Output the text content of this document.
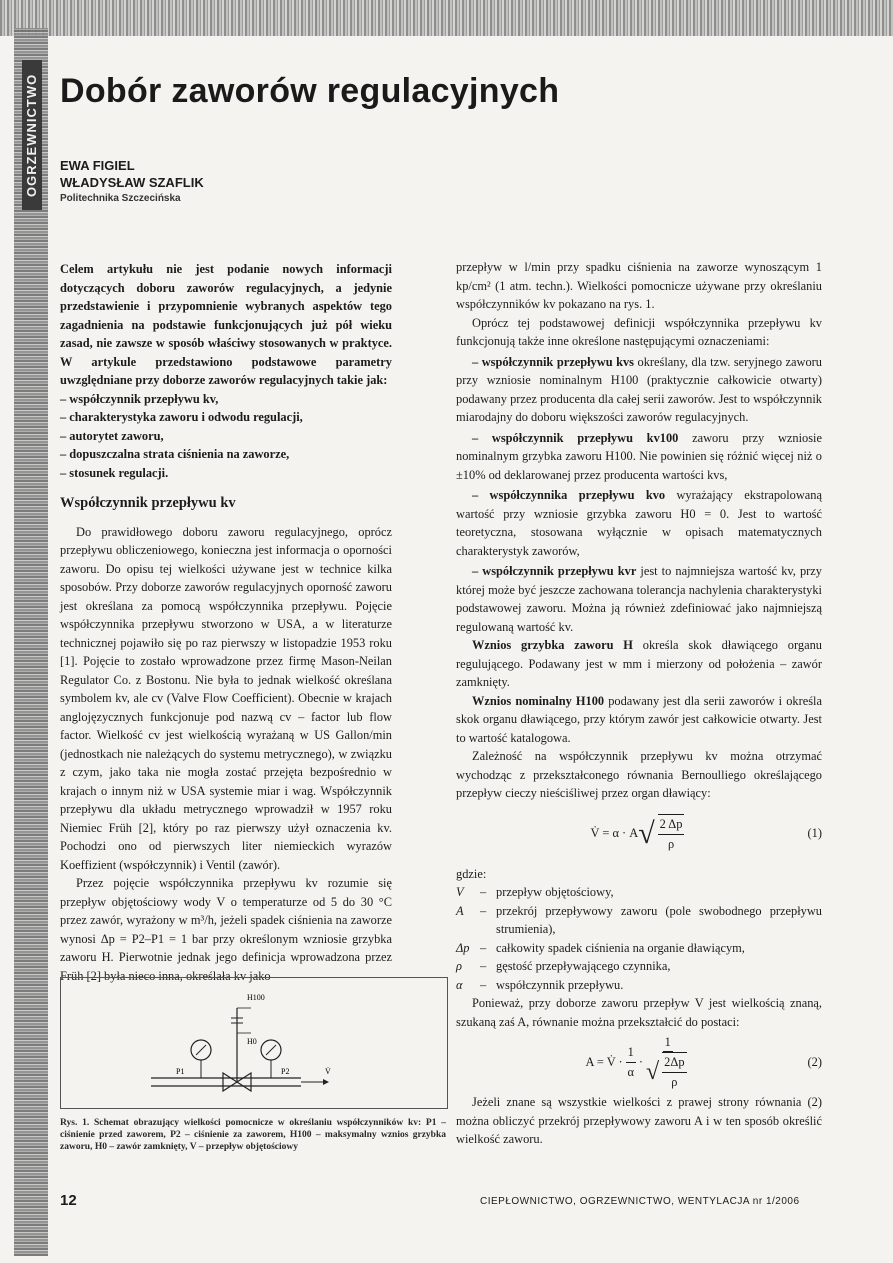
OGRZEWNICTWO Dobór zaworów regulacyjnych
EWA FIGIEL
WŁADYSŁAW SZAFLIK
Politechnika Szczecińska

Celem artykułu nie jest podanie nowych informacji dotyczących doboru zaworów regulacyjnych, a jedynie przedstawienie i przypomnienie wybranych aspektów tego zagadnienia na podstawie funkcjonujących już pół wieku zasad, nie zawsze w sposób właściwy stosowanych w praktyce. W artykule przedstawiono podstawowe parametry uwzględniane przy doborze zaworów regulacyjnych takie jak:

– współczynnik przepływu kv,
– charakterystyka zaworu i odwodu regulacji,
– autorytet zaworu,
– dopuszczalna strata ciśnienia na zaworze,
– stosunek regulacji.
Współczynnik przepływu kv

Do prawidłowego doboru zaworu regulacyjnego, oprócz przepływu obliczeniowego, konieczna jest informacja o oporności zaworu. Do opisu tej wielkości używane jest w technice kilka sposobów. Przy doborze zaworów regulacyjnych oporność zaworu jest określana za pomocą współczynnika przepływu. Pojęcie współczynnika przepływu stworzono w USA, a w literaturze technicznej pojawiło się po raz pierwszy w listopadzie 1953 roku [1]. Pojęcie to zostało wprowadzone przez firmę Mason-Neilan Regulator Co. z Bostonu. Nie była to jednak wielkość określana symbolem kv, ale cv (Valve Flow Coefficient). Obecnie w krajach anglojęzycznych funkcjonuje pod nazwą cv – factor lub flow factor. Wielkość cv jest wielkością wyrażaną w US Gallon/min (jednostkach nie należących do systemu metrycznego), w związku z czym, jako taka nie mogła zostać przejęta bezpośrednio w krajach o innym niż w USA systemie miar i wag. Współczynnik przepływu dla układu metrycznego wprowadził w 1957 roku Niemiec Früh [2], który po raz pierwszy użył oznaczenia kv. Pochodzi ono od pierwszych liter niemieckich wyrazów Koeffizient (współczynnik) i Ventil (zawór).

Przez pojęcie współczynnika przepływu kv rozumie się przepływ objętościowy wody V o temperaturze od 5 do 30 °C przez zawór, wyrażony w m³/h, jeżeli spadek ciśnienia na zaworze wynosi Δp = P2–P1 = 1 bar przy określonym wzniosie grzybka zaworu H. Pierwotnie jednak jego definicja wprowadzona przez Früh [2] była nieco inna, określała kv jako

przepływ w l/min przy spadku ciśnienia na zaworze wynoszącym 1 kp/cm² (1 atm. techn.). Wielkości pomocnicze używane przy określaniu współczynników kv pokazano na rys. 1.

Oprócz tej podstawowej definicji współczynnika przepływu kv funkcjonują także inne określone następującymi oznaczeniami:

– współczynnik przepływu kvs określany, dla tzw. seryjnego zaworu przy wzniosie nominalnym H100 (praktycznie całkowicie otwarty) podawany przez producenta dla całej serii zaworów. Jest to współczynnik miarodajny do doboru większości zaworów regulacyjnych.

– współczynnik przepływu kv100 zaworu przy wzniosie nominalnym grzybka zaworu H100. Nie powinien się różnić więcej niż o ±10% od deklarowanej przez producenta wartości kvs,

– współczynnika przepływu kvo wyrażający ekstrapolowaną wartość przy wzniosie grzybka zaworu H0 = 0. Jest to wartość teoretyczna, stosowana wyłącznie w opisach matematycznych charakterystyk zaworów,

– współczynnik przepływu kvr jest to najmniejsza wartość kv, przy której może być jeszcze zachowana tolerancja nachylenia charakterystyki podstawowej zaworu. Można ją również zdefiniować jako najmniejszą regulowaną wartość kv.

Wznios grzybka zaworu H określa skok dławiącego organu regulującego. Podawany jest w mm i mierzony od położenia – zawór zamknięty.

Wznios nominalny H100 podawany jest dla serii zaworów i określa skok organu dławiącego, przy którym zawór jest całkowicie otwarty. Jest to wartość katalogowa.

Zależność na współczynnik przepływu kv można otrzymać wychodząc z przekształconego równania Bernoulliego określającego przepływ cieczy nieściśliwej przez organ dławiący:

V̇ = α · A √ $\frac{2 \Delta p}{\rho}$	(1)

gdzie:

V	– przepływ objętościowy,
A	– przekrój przepływowy zaworu (pole swobodnego przepływu strumienia),
Δp – całkowity spadek ciśnienia na organie dławiącym,
ρ	– gęstość przepływającego czynnika,
α	– współczynnik przepływu.

Ponieważ, przy doborze zaworu przepływ V jest wielkością znaną, szukaną zaś A, równanie można przekształcić do postaci:

A = V̇ · $\frac{1}{\alpha} \cdot \frac{1}{√ \frac{2\Delta p}{\rho}}$	(2)

Jeżeli znane są wszystkie wielkości z prawej strony równania (2) można obliczyć przekrój przepływowy zaworu A i w ten sposób określić wielkość zaworu.

H100
H0
P1	P2	V̇
Rys. 1. Schemat obrazujący wielkości pomocnicze w określaniu współczynników kv: P1 – ciśnienie przed zaworem, P2 – ciśnienie za zaworem, H100 – maksymalny wznios grzybka zaworu, H0 – zawór zamknięty, V – przepływ objętościowy
12	CIEPŁOWNICTWO, OGRZEWNICTWO, WENTYLACJA nr 1/2006
